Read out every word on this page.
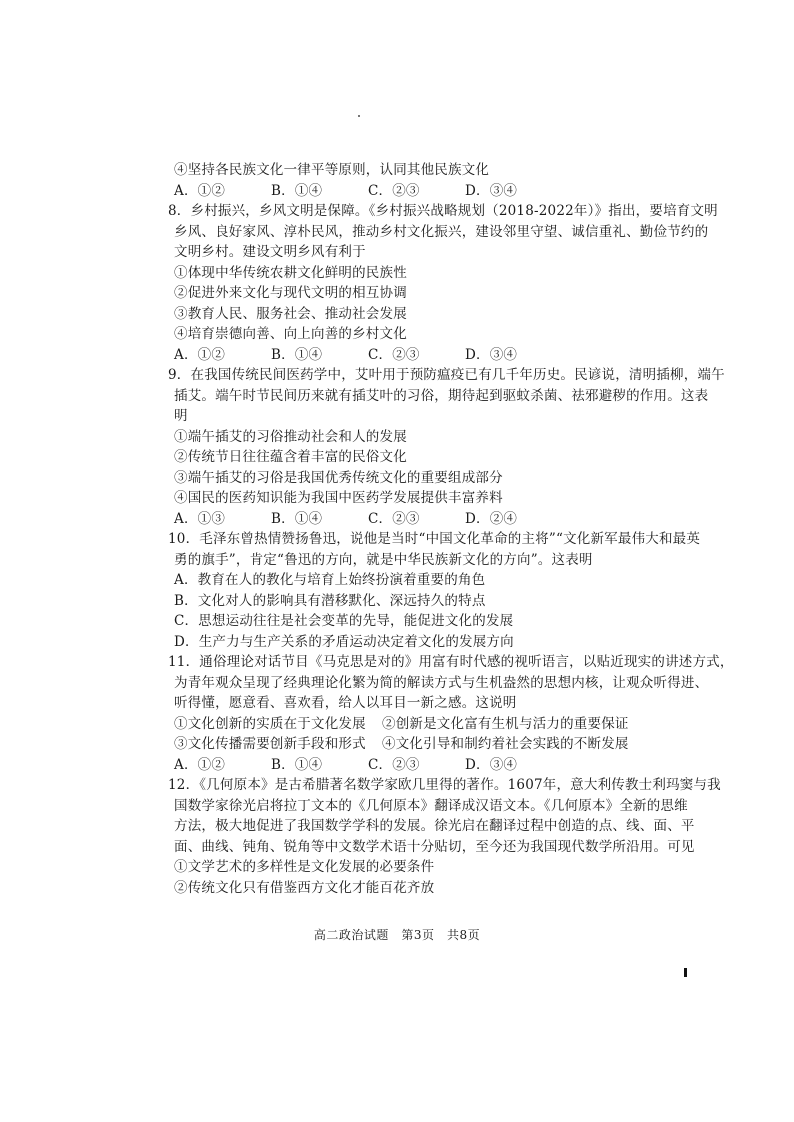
④坚持各民族文化一律平等原则，认同其他民族文化
A．①②	B．①④	C．②③	D．③④
8．乡村振兴，乡风文明是保障。《乡村振兴战略规划（2018-2022年）》指出，要培育文明
乡风、良好家风、淳朴民风，推动乡村文化振兴，建设邻里守望、诚信重礼、勤俭节约的
文明乡村。建设文明乡风有利于
①体现中华传统农耕文化鲜明的民族性
②促进外来文化与现代文明的相互协调
③教育人民、服务社会、推动社会发展
④培育崇德向善、向上向善的乡村文化
A．①②	B．①④	C．②③	D．③④
9．在我国传统民间医药学中，艾叶用于预防瘟疫已有几千年历史。民谚说，清明插柳，端午
插艾。端午时节民间历来就有插艾叶的习俗，期待起到驱蚊杀菌、祛邪避秽的作用。这表
明
①端午插艾的习俗推动社会和人的发展
②传统节日往往蕴含着丰富的民俗文化
③端午插艾的习俗是我国优秀传统文化的重要组成部分
④国民的医药知识能为我国中医药学发展提供丰富养料
A．①③	B．①④	C．②③	D．②④
10．毛泽东曾热情赞扬鲁迅，说他是当时“中国文化革命的主将”“文化新军最伟大和最英
勇的旗手”，肯定“鲁迅的方向，就是中华民族新文化的方向”。这表明
A．教育在人的教化与培育上始终扮演着重要的角色
B．文化对人的影响具有潜移默化、深远持久的特点
C．思想运动往往是社会变革的先导，能促进文化的发展
D．生产力与生产关系的矛盾运动决定着文化的发展方向
11．通俗理论对话节目《马克思是对的》用富有时代感的视听语言，以贴近现实的讲述方式，
为青年观众呈现了经典理论化繁为简的解读方式与生机盎然的思想内核，让观众听得进、
听得懂，愿意看、喜欢看，给人以耳目一新之感。这说明
①文化创新的实质在于文化发展	②创新是文化富有生机与活力的重要保证
③文化传播需要创新手段和形式	④文化引导和制约着社会实践的不断发展
A．①②	B．①④	C．②③	D．③④
12．《几何原本》是古希腊著名数学家欧几里得的著作。1607年，意大利传教士利玛窦与我
国数学家徐光启将拉丁文本的《几何原本》翻译成汉语文本。《几何原本》全新的思维
方法，极大地促进了我国数学学科的发展。徐光启在翻译过程中创造的点、线、面、平
面、曲线、钝角、锐角等中文数学术语十分贴切，至今还为我国现代数学所沿用。可见
①文学艺术的多样性是文化发展的必要条件
②传统文化只有借鉴西方文化才能百花齐放
高二政治试题　第3页　共8页
